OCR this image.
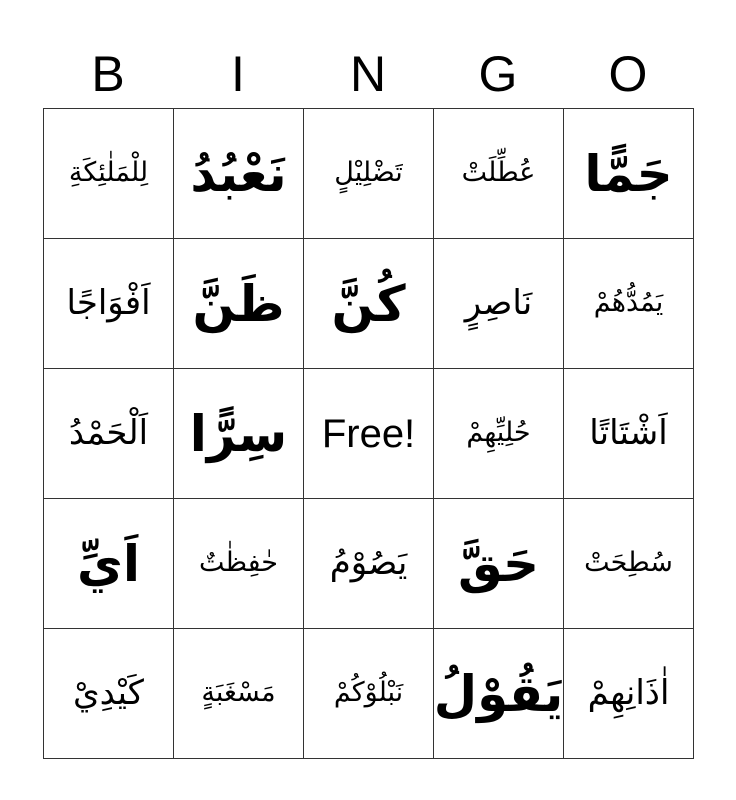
B	I	N	G	O
لِلْمَلٰئِكَةِ نَعْبُدُ تَضْلِيْلٍ عُطِّلَتْ جَمًّا
اَفْوَاجًا ظَنَّ كُنَّ نَاصِرٍ يَمُدُّهُمْ
اَلْحَمْدُ سِرًّا Free! حُلِيِّهِمْ اَشْتَاتًا
اَيِّ حٰفِظٰتٌ يَصُوْمُ حَقَّ سُطِحَتْ
كَيْدِيْ مَسْغَبَةٍ نَبْلُوْكُمْ يَقُوْلُ اٰذَانِهِمْ
